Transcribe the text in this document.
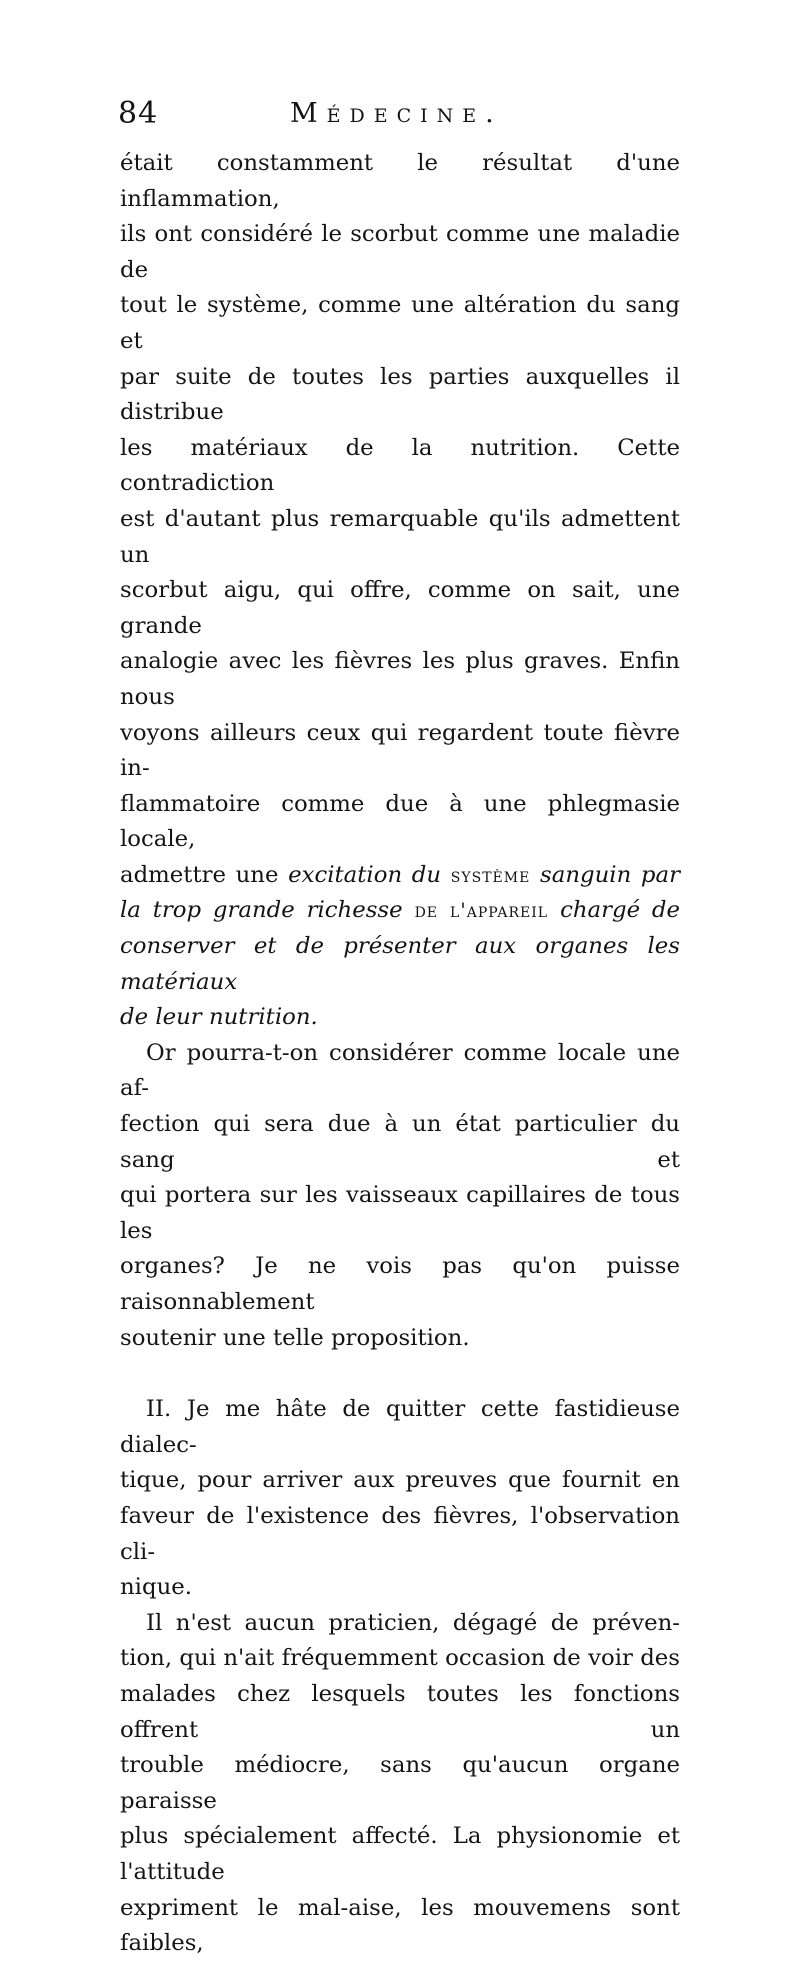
84	Médecine.

était constamment le résultat d'une inflammation,

ils ont considéré le scorbut comme une maladie de

tout le système, comme une altération du sang et

par suite de toutes les parties auxquelles il distribue

les matériaux de la nutrition. Cette contradiction

est d'autant plus remarquable qu'ils admettent un

scorbut aigu, qui offre, comme on sait, une grande

analogie avec les fièvres les plus graves. Enfin nous

voyons ailleurs ceux qui regardent toute fièvre in-

flammatoire comme due à une phlegmasie locale,

admettre une excitation du système sanguin par

la trop grande richesse de l'appareil chargé de

conserver et de présenter aux organes les matériaux

de leur nutrition.

Or pourra-t-on considérer comme locale une af-

fection qui sera due à un état particulier du sang et

qui portera sur les vaisseaux capillaires de tous les

organes? Je ne vois pas qu'on puisse raisonnablement

soutenir une telle proposition.

II. Je me hâte de quitter cette fastidieuse dialec-

tique, pour arriver aux preuves que fournit en

faveur de l'existence des fièvres, l'observation cli-

nique.

Il n'est aucun praticien, dégagé de préven-

tion, qui n'ait fréquemment occasion de voir des

malades chez lesquels toutes les fonctions offrent un

trouble médiocre, sans qu'aucun organe paraisse

plus spécialement affecté. La physionomie et l'attitude

expriment le mal-aise, les mouvemens sont faibles,
